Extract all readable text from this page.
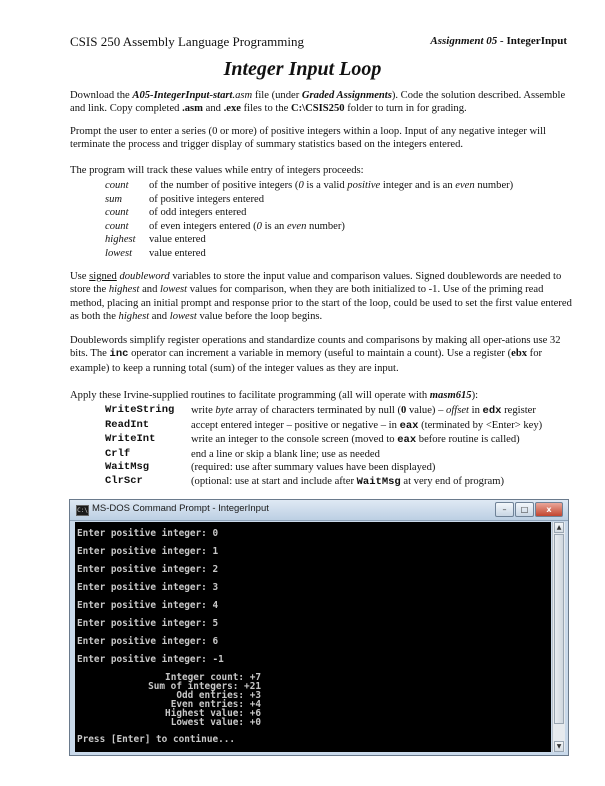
CSIS 250 Assembly Language Programming	Assignment 05 - IntegerInput
Integer Input Loop

Download the A05-IntegerInput-start.asm file (under Graded Assignments). Code the solution described. Assemble and link. Copy completed .asm and .exe files to the C:\CSIS250 folder to turn in for grading.

Prompt the user to enter a series (0 or more) of positive integers within a loop. Input of any negative integer will terminate the process and trigger display of summary statistics based on the integers entered.

The program will track these values while entry of integers proceeds:

count	of the number of positive integers (0 is a valid positive integer and is an even number)
sum	of positive integers entered
count	of odd integers entered
count	of even integers entered (0 is an even number)
highest	value entered
lowest	value entered

Use signed doubleword variables to store the input value and comparison values. Signed doublewords are needed to store the highest and lowest values for comparison, when they are both initialized to -1. Use of the priming read method, placing an initial prompt and response prior to the start of the loop, could be used to set the first value entered as both the highest and lowest value before the loop begins.

Doublewords simplify register operations and standardize counts and comparisons by making all oper-ations use 32 bits. The inc operator can increment a variable in memory (useful to maintain a count). Use a register (ebx for example) to keep a running total (sum) of the integer values as they are input.

Apply these Irvine-supplied routines to facilitate programming (all will operate with masm615):

WriteString	write byte array of characters terminated by null (0 value) – offset in edx register
ReadInt	accept entered integer – positive or negative – in eax (terminated by <Enter> key)
WriteInt	write an integer to the console screen (moved to eax before routine is called)
Crlf	end a line or skip a blank line; use as needed
WaitMsg	(required: use after summary values have been displayed)
ClrScr	(optional: use at start and include after WaitMsg at very end of program)
C:\ MS-DOS Command Prompt - IntegerInput	–	□	x
Enter positive integer: 0
Enter positive integer: 1
Enter positive integer: 2
Enter positive integer: 3
Enter positive integer: 4
Enter positive integer: 5
Enter positive integer: 6
Enter positive integer: -1
Integer count: +7
Sum of integers: +21
Odd entries: +3
Even entries: +4
Highest value: +6
Lowest value: +0
Press [Enter] to continue...
▲
▼
